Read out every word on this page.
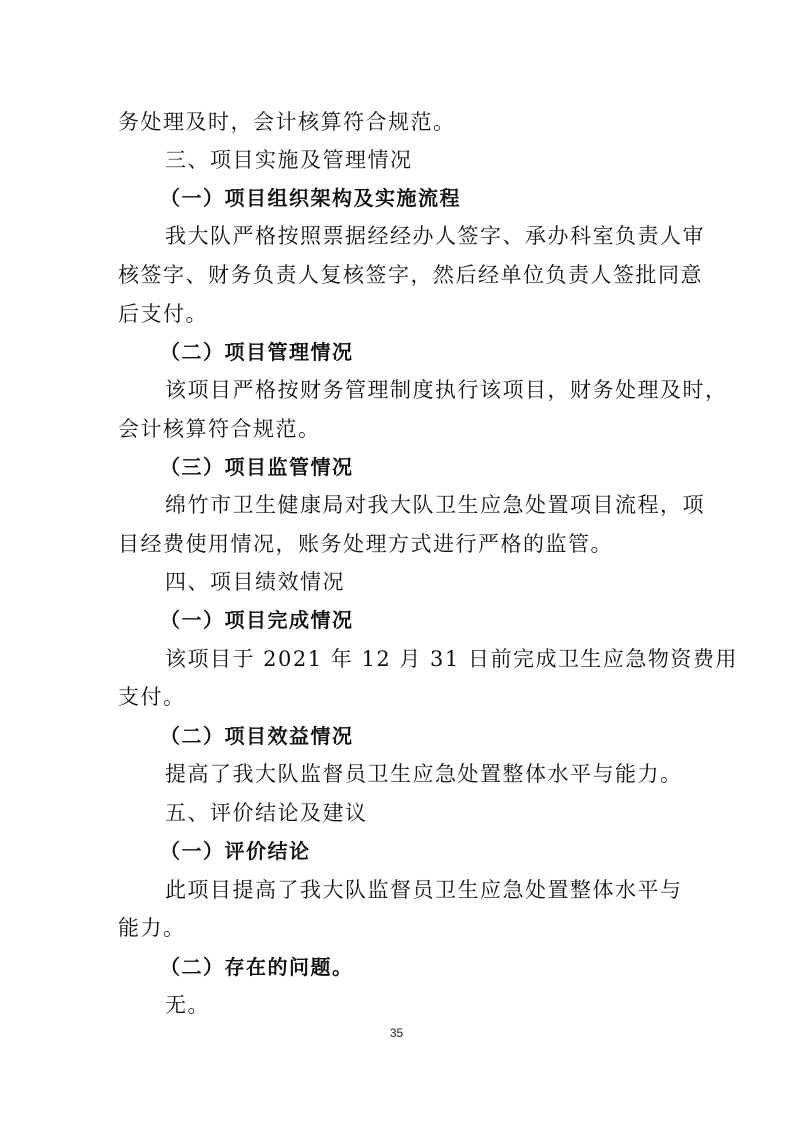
务处理及时，会计核算符合规范。
三、项目实施及管理情况
（一）项目组织架构及实施流程
我大队严格按照票据经经办人签字、承办科室负责人审
核签字、财务负责人复核签字，然后经单位负责人签批同意
后支付。
（二）项目管理情况
该项目严格按财务管理制度执行该项目，财务处理及时，
会计核算符合规范。
（三）项目监管情况
绵竹市卫生健康局对我大队卫生应急处置项目流程，项
目经费使用情况，账务处理方式进行严格的监管。
四、项目绩效情况
（一）项目完成情况
该项目于 2021 年 12 月 31 日前完成卫生应急物资费用
支付。
（二）项目效益情况
提高了我大队监督员卫生应急处置整体水平与能力。
五、评价结论及建议
（一）评价结论
此项目提高了我大队监督员卫生应急处置整体水平与
能力。
（二）存在的问题。
无。
35
